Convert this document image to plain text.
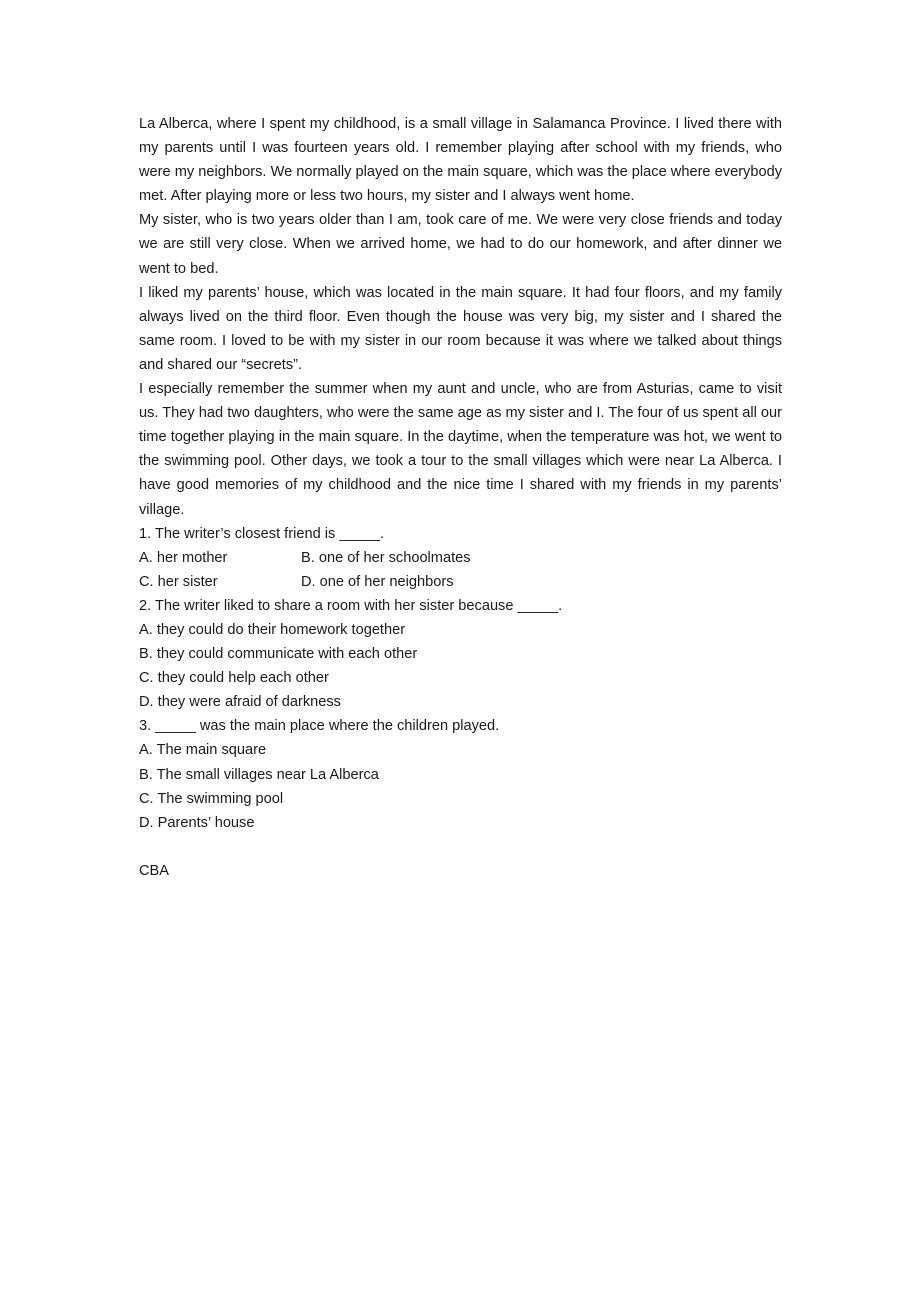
La Alberca, where I spent my childhood, is a small village in Salamanca Province. I lived there with my parents until I was fourteen years old. I remember playing after school with my friends, who were my neighbors. We normally played on the main square, which was the place where everybody met. After playing more or less two hours, my sister and I always went home.

My sister, who is two years older than I am, took care of me. We were very close friends and today we are still very close. When we arrived home, we had to do our homework, and after dinner we went to bed.

I liked my parents’ house, which was located in the main square. It had four floors, and my family always lived on the third floor. Even though the house was very big, my sister and I shared the same room. I loved to be with my sister in our room because it was where we talked about things and shared our “secrets”.

I especially remember the summer when my aunt and uncle, who are from Asturias, came to visit us. They had two daughters, who were the same age as my sister and I. The four of us spent all our time together playing in the main square. In the daytime, when the temperature was hot, we went to the swimming pool. Other days, we took a tour to the small villages which were near La Alberca. I have good memories of my childhood and the nice time I shared with my friends in my parents’ village.

1. The writer’s closest friend is _____.

A. her mother	B. one of her schoolmates
C. her sister	D. one of her neighbors

2. The writer liked to share a room with her sister because _____.

A. they could do their homework together

B. they could communicate with each other

C. they could help each other

D. they were afraid of darkness

3. _____ was the main place where the children played.

A. The main square

B. The small villages near La Alberca

C. The swimming pool

D. Parents’ house

CBA
